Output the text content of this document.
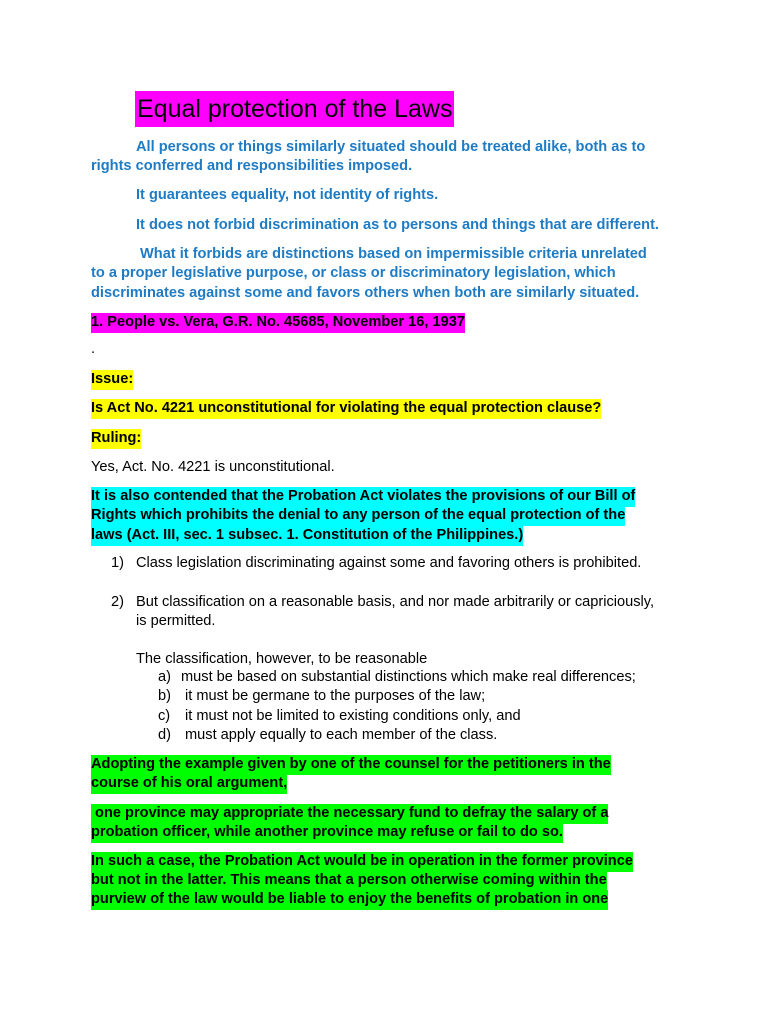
Equal protection of the Laws
All persons or things similarly situated should be treated alike, both as to
rights conferred and responsibilities imposed.
It guarantees equality, not identity of rights.
It does not forbid discrimination as to persons and things that are different.
What it forbids are distinctions based on impermissible criteria unrelated
to a proper legislative purpose, or class or discriminatory legislation, which
discriminates against some and favors others when both are similarly situated.
1. People vs. Vera, G.R. No. 45685, November 16, 1937
.
Issue:
Is Act No. 4221 unconstitutional for violating the equal protection clause?
Ruling:
Yes, Act. No. 4221 is unconstitutional.
It is also contended that the Probation Act violates the provisions of our Bill of
Rights which prohibits the denial to any person of the equal protection of the
laws (Act. III, sec. 1 subsec. 1. Constitution of the Philippines.)
1) Class legislation discriminating against some and favoring others is prohibited.
2) But classification on a reasonable basis, and nor made arbitrarily or capriciously,
is permitted.
The classification, however, to be reasonable
a) must be based on substantial distinctions which make real differences;
b) it must be germane to the purposes of the law;
c) it must not be limited to existing conditions only, and
d) must apply equally to each member of the class.
Adopting the example given by one of the counsel for the petitioners in the
course of his oral argument,
one province may appropriate the necessary fund to defray the salary of a
probation officer, while another province may refuse or fail to do so.
In such a case, the Probation Act would be in operation in the former province
but not in the latter. This means that a person otherwise coming within the
purview of the law would be liable to enjoy the benefits of probation in one
